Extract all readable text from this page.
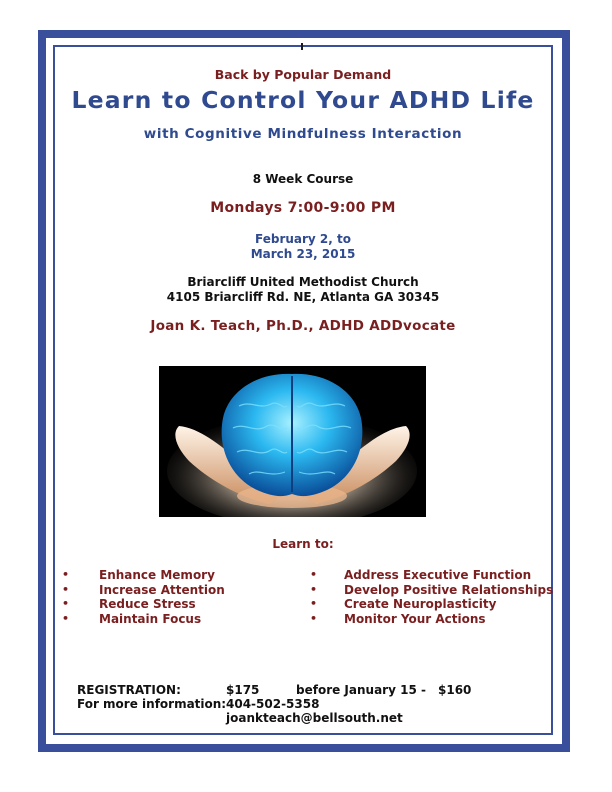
Back by Popular Demand
Learn to Control Your ADHD Life
with Cognitive Mindfulness Interaction
8 Week Course
Mondays 7:00-9:00 PM
February 2, to
March 23, 2015
Briarcliff United Methodist Church
4105 Briarcliff Rd. NE, Atlanta GA 30345
Joan K. Teach, Ph.D., ADHD ADDvocate
Learn to:
• Enhance Memory
• Increase Attention
• Reduce Stress
• Maintain Focus
• Address Executive Function
• Develop Positive Relationships
• Create Neuroplasticity
• Monitor Your Actions
REGISTRATION:	$175	before January 15 - $160
For more information: 404-502-5358
joankteach@bellsouth.net
